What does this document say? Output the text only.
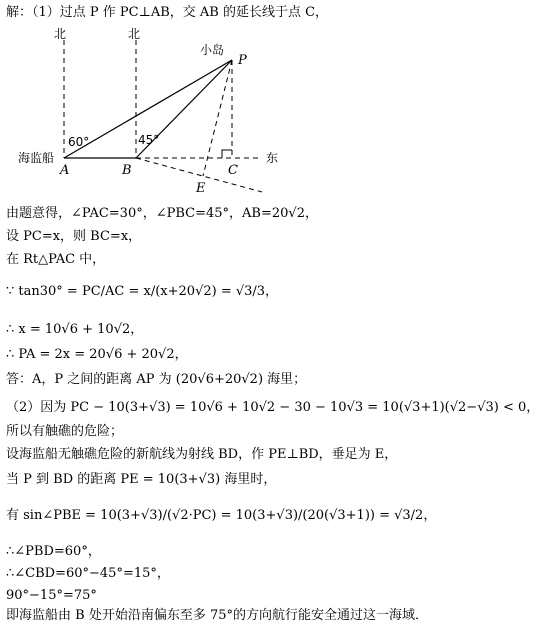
解：（1）过点 P 作 PC⊥AB，交 AB 的延长线于点 C，
北	北
小岛
P
60°	45°
海监船
A	B	C
E
东
由题意得，∠PAC=30°，∠PBC=45°，AB=20√2，
设 PC=x，则 BC=x，
在 Rt△PAC 中，
∵ tan30° = PC/AC = x/(x+20√2) = √3/3，
∴ x = 10√6 + 10√2，
∴ PA = 2x = 20√6 + 20√2，
答：A，P 之间的距离 AP 为 (20√6+20√2) 海里；
（2）因为 PC − 10(3+√3) = 10√6 + 10√2 − 30 − 10√3 = 10(√3+1)(√2−√3) < 0，
所以有触礁的危险；
设海监船无触礁危险的新航线为射线 BD，作 PE⊥BD，垂足为 E，
当 P 到 BD 的距离 PE = 10(3+√3) 海里时，
有 sin∠PBE = 10(3+√3)/(√2·PC) = 10(3+√3)/(20(√3+1)) = √3/2，
∴∠PBD=60°，
∴∠CBD=60°−45°=15°，
90°−15°=75°
即海监船由 B 处开始沿南偏东至多 75°的方向航行能安全通过这一海域．
